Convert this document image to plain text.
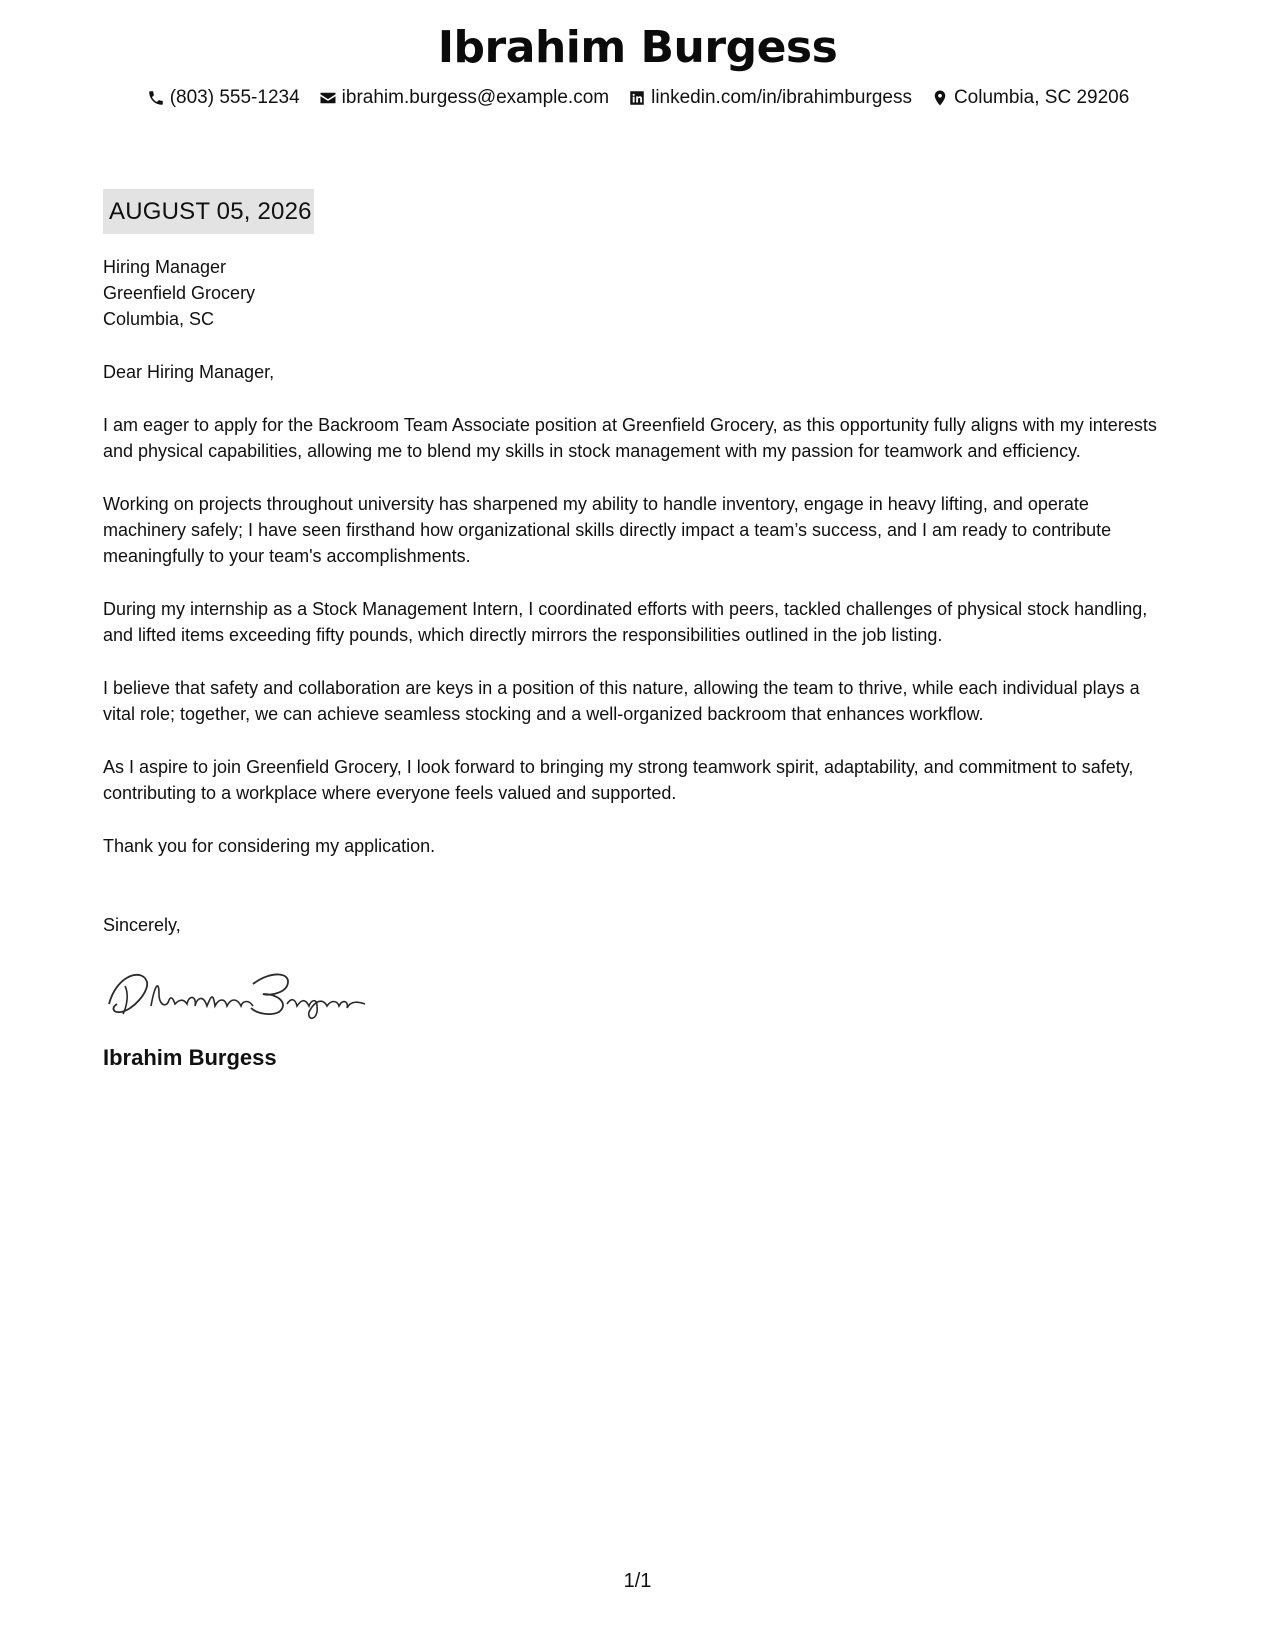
Ibrahim Burgess
(803) 555-1234 ibrahim.burgess@example.com linkedin.com/in/ibrahimburgess Columbia, SC 29206
AUGUST 05, 2026
Hiring Manager
Greenfield Grocery
Columbia, SC
Dear Hiring Manager,
I am eager to apply for the Backroom Team Associate position at Greenfield Grocery, as this opportunity fully aligns with my interests and physical capabilities, allowing me to blend my skills in stock management with my passion for teamwork and efficiency.
Working on projects throughout university has sharpened my ability to handle inventory, engage in heavy lifting, and operate machinery safely; I have seen firsthand how organizational skills directly impact a team’s success, and I am ready to contribute meaningfully to your team's accomplishments.
During my internship as a Stock Management Intern, I coordinated efforts with peers, tackled challenges of physical stock handling, and lifted items exceeding fifty pounds, which directly mirrors the responsibilities outlined in the job listing.
I believe that safety and collaboration are keys in a position of this nature, allowing the team to thrive, while each individual plays a vital role; together, we can achieve seamless stocking and a well-organized backroom that enhances workflow.
As I aspire to join Greenfield Grocery, I look forward to bringing my strong teamwork spirit, adaptability, and commitment to safety, contributing to a workplace where everyone feels valued and supported.
Thank you for considering my application.
Sincerely,
Ibrahim Burgess
1/1
